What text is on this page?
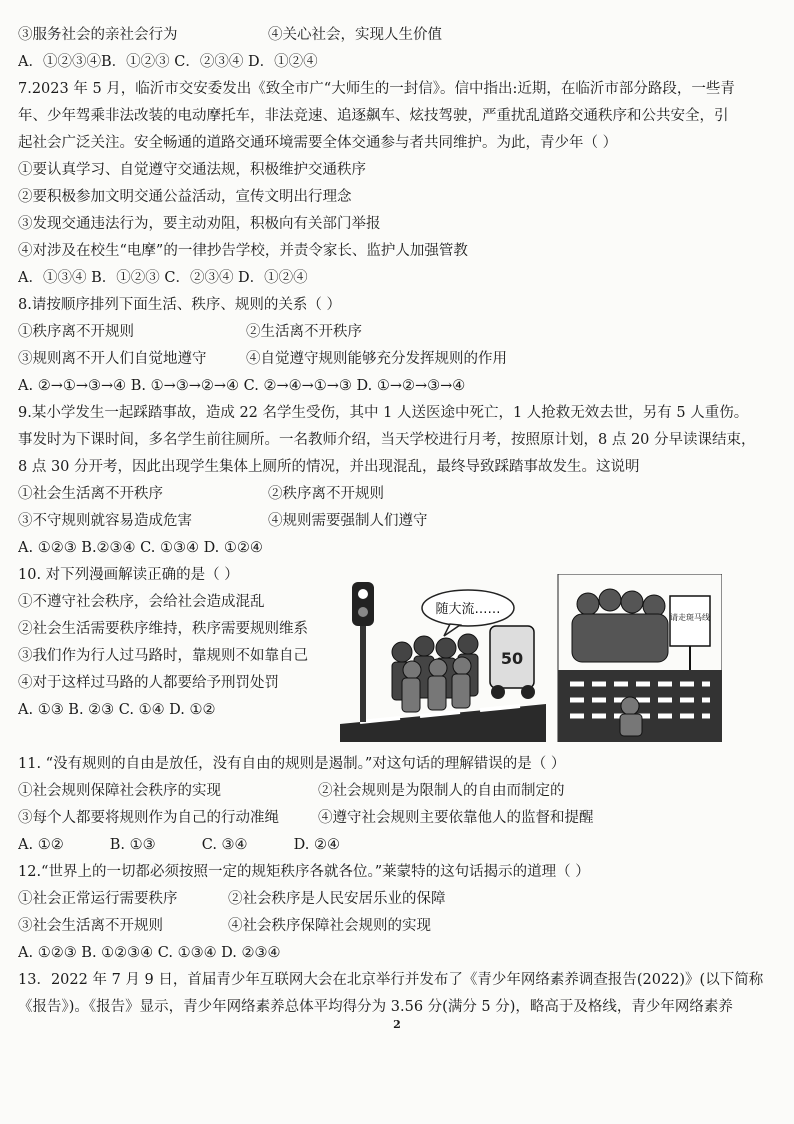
③服务社会的亲社会行为	④关心社会，实现人生价值
A．①②③④B．①②③ C．②③④ D．①②④
7.2023 年 5 月，临沂市交安委发出《致全市广“大师生的一封信》。信中指出:近期，在临沂市部分路段，一些青
年、少年驾乘非法改装的电动摩托车，非法竞速、追逐飙车、炫技驾驶，严重扰乱道路交通秩序和公共安全，引
起社会广泛关注。安全畅通的道路交通环境需要全体交通参与者共同维护。为此，青少年（ ）
①要认真学习、自觉遵守交通法规，积极维护交通秩序
②要积极参加文明交通公益活动，宣传文明出行理念
③发现交通违法行为，要主动劝阻，积极向有关部门举报
④对涉及在校生“电摩”的一律抄告学校，并责令家长、监护人加强管教
A．①③④ B．①②③ C．②③④ D．①②④
8.请按顺序排列下面生活、秩序、规则的关系（ ）
①秩序离不开规则	②生活离不开秩序
③规则离不开人们自觉地遵守	④自觉遵守规则能够充分发挥规则的作用
A. ②→①→③→④ B. ①→③→②→④ C. ②→④→①→③ D. ①→②→③→④
9.某小学发生一起踩踏事故，造成 22 名学生受伤，其中 1 人送医途中死亡，1 人抢救无效去世，另有 5 人重伤。
事发时为下课时间，多名学生前往厕所。一名教师介绍，当天学校进行月考，按照原计划，8 点 20 分早读课结束，
8 点 30 分开考，因此出现学生集体上厕所的情况，并出现混乱，最终导致踩踏事故发生。这说明
①社会生活离不开秩序	②秩序离不开规则
③不守规则就容易造成危害	④规则需要强制人们遵守
A. ①②③ B.②③④ C. ①③④ D. ①②④
10. 对下列漫画解读正确的是（ ）
①不遵守社会秩序，会给社会造成混乱
②社会生活需要秩序维持，秩序需要规则维系
③我们作为行人过马路时，靠规则不如靠自己
④对于这样过马路的人都要给予刑罚处罚
A. ①③ B. ②③ C. ①④ D. ①②
11. “没有规则的自由是放任，没有自由的规则是遏制。”对这句话的理解错误的是（ ）
①社会规则保障社会秩序的实现	②社会规则是为限制人的自由而制定的
③每个人都要将规则作为自己的行动准绳	④遵守社会规则主要依靠他人的监督和提醒
A. ①②          B. ①③          C. ③④          D. ②④
12.“世界上的一切都必须按照一定的规矩秩序各就各位。”莱蒙特的这句话揭示的道理（ ）
①社会正常运行需要秩序	②社会秩序是人民安居乐业的保障
③社会生活离不开规则	④社会秩序保障社会规则的实现
A. ①②③ B. ①②③④ C. ①③④ D. ②③④
13．2022 年 7 月 9 日，首届青少年互联网大会在北京举行并发布了《青少年网络素养调查报告(2022)》(以下简称
《报告》)。《报告》显示，青少年网络素养总体平均得分为 3.56 分(满分 5 分)，略高于及格线，青少年网络素养
随大流……
50
请走斑马线
2
